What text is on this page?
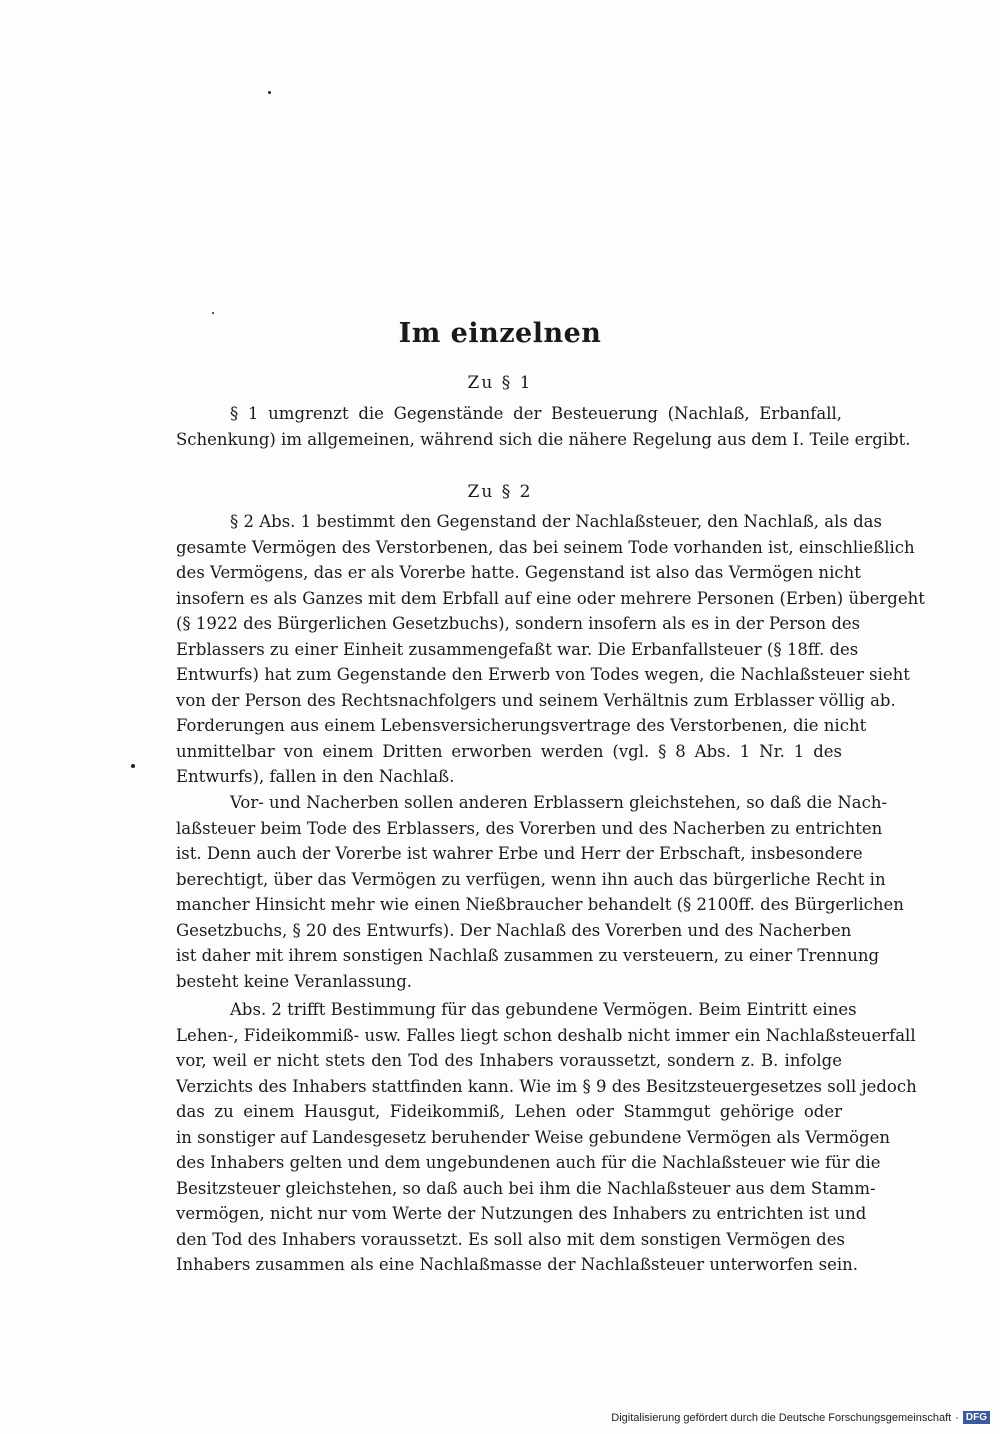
Im einzelnen
Zu § 1
§ 1 umgrenzt die Gegenstände der Besteuerung (Nachlaß, Erbanfall,
Schenkung) im allgemeinen, während sich die nähere Regelung aus dem I. Teile ergibt.
Zu § 2
§ 2 Abs. 1 bestimmt den Gegenstand der Nachlaßsteuer, den Nachlaß, als das
gesamte Vermögen des Verstorbenen, das bei seinem Tode vorhanden ist, einschließlich
des Vermögens, das er als Vorerbe hatte. Gegenstand ist also das Vermögen nicht
insofern es als Ganzes mit dem Erbfall auf eine oder mehrere Personen (Erben) übergeht
(§ 1922 des Bürgerlichen Gesetzbuchs), sondern insofern als es in der Person des
Erblassers zu einer Einheit zusammengefaßt war. Die Erbanfallsteuer (§ 18ff. des
Entwurfs) hat zum Gegenstande den Erwerb von Todes wegen, die Nachlaßsteuer sieht
von der Person des Rechtsnachfolgers und seinem Verhältnis zum Erblasser völlig ab.
Forderungen aus einem Lebensversicherungsvertrage des Verstorbenen, die nicht
unmittelbar von einem Dritten erworben werden (vgl. § 8 Abs. 1 Nr. 1 des
Entwurfs), fallen in den Nachlaß.
Vor- und Nacherben sollen anderen Erblassern gleichstehen, so daß die Nach-
laßsteuer beim Tode des Erblassers, des Vorerben und des Nacherben zu entrichten
ist. Denn auch der Vorerbe ist wahrer Erbe und Herr der Erbschaft, insbesondere
berechtigt, über das Vermögen zu verfügen, wenn ihn auch das bürgerliche Recht in
mancher Hinsicht mehr wie einen Nießbraucher behandelt (§ 2100ff. des Bürgerlichen
Gesetzbuchs, § 20 des Entwurfs). Der Nachlaß des Vorerben und des Nacherben
ist daher mit ihrem sonstigen Nachlaß zusammen zu versteuern, zu einer Trennung
besteht keine Veranlassung.
Abs. 2 trifft Bestimmung für das gebundene Vermögen. Beim Eintritt eines
Lehen-, Fideikommiß- usw. Falles liegt schon deshalb nicht immer ein Nachlaßsteuerfall
vor, weil er nicht stets den Tod des Inhabers voraussetzt, sondern z. B. infolge
Verzichts des Inhabers stattfinden kann. Wie im § 9 des Besitzsteuergesetzes soll jedoch
das zu einem Hausgut, Fideikommiß, Lehen oder Stammgut gehörige oder
in sonstiger auf Landesgesetz beruhender Weise gebundene Vermögen als Vermögen
des Inhabers gelten und dem ungebundenen auch für die Nachlaßsteuer wie für die
Besitzsteuer gleichstehen, so daß auch bei ihm die Nachlaßsteuer aus dem Stamm-
vermögen, nicht nur vom Werte der Nutzungen des Inhabers zu entrichten ist und
den Tod des Inhabers voraussetzt. Es soll also mit dem sonstigen Vermögen des
Inhabers zusammen als eine Nachlaßmasse der Nachlaßsteuer unterworfen sein.
Digitalisierung gefördert durch die Deutsche Forschungsgemeinschaft · DFG
